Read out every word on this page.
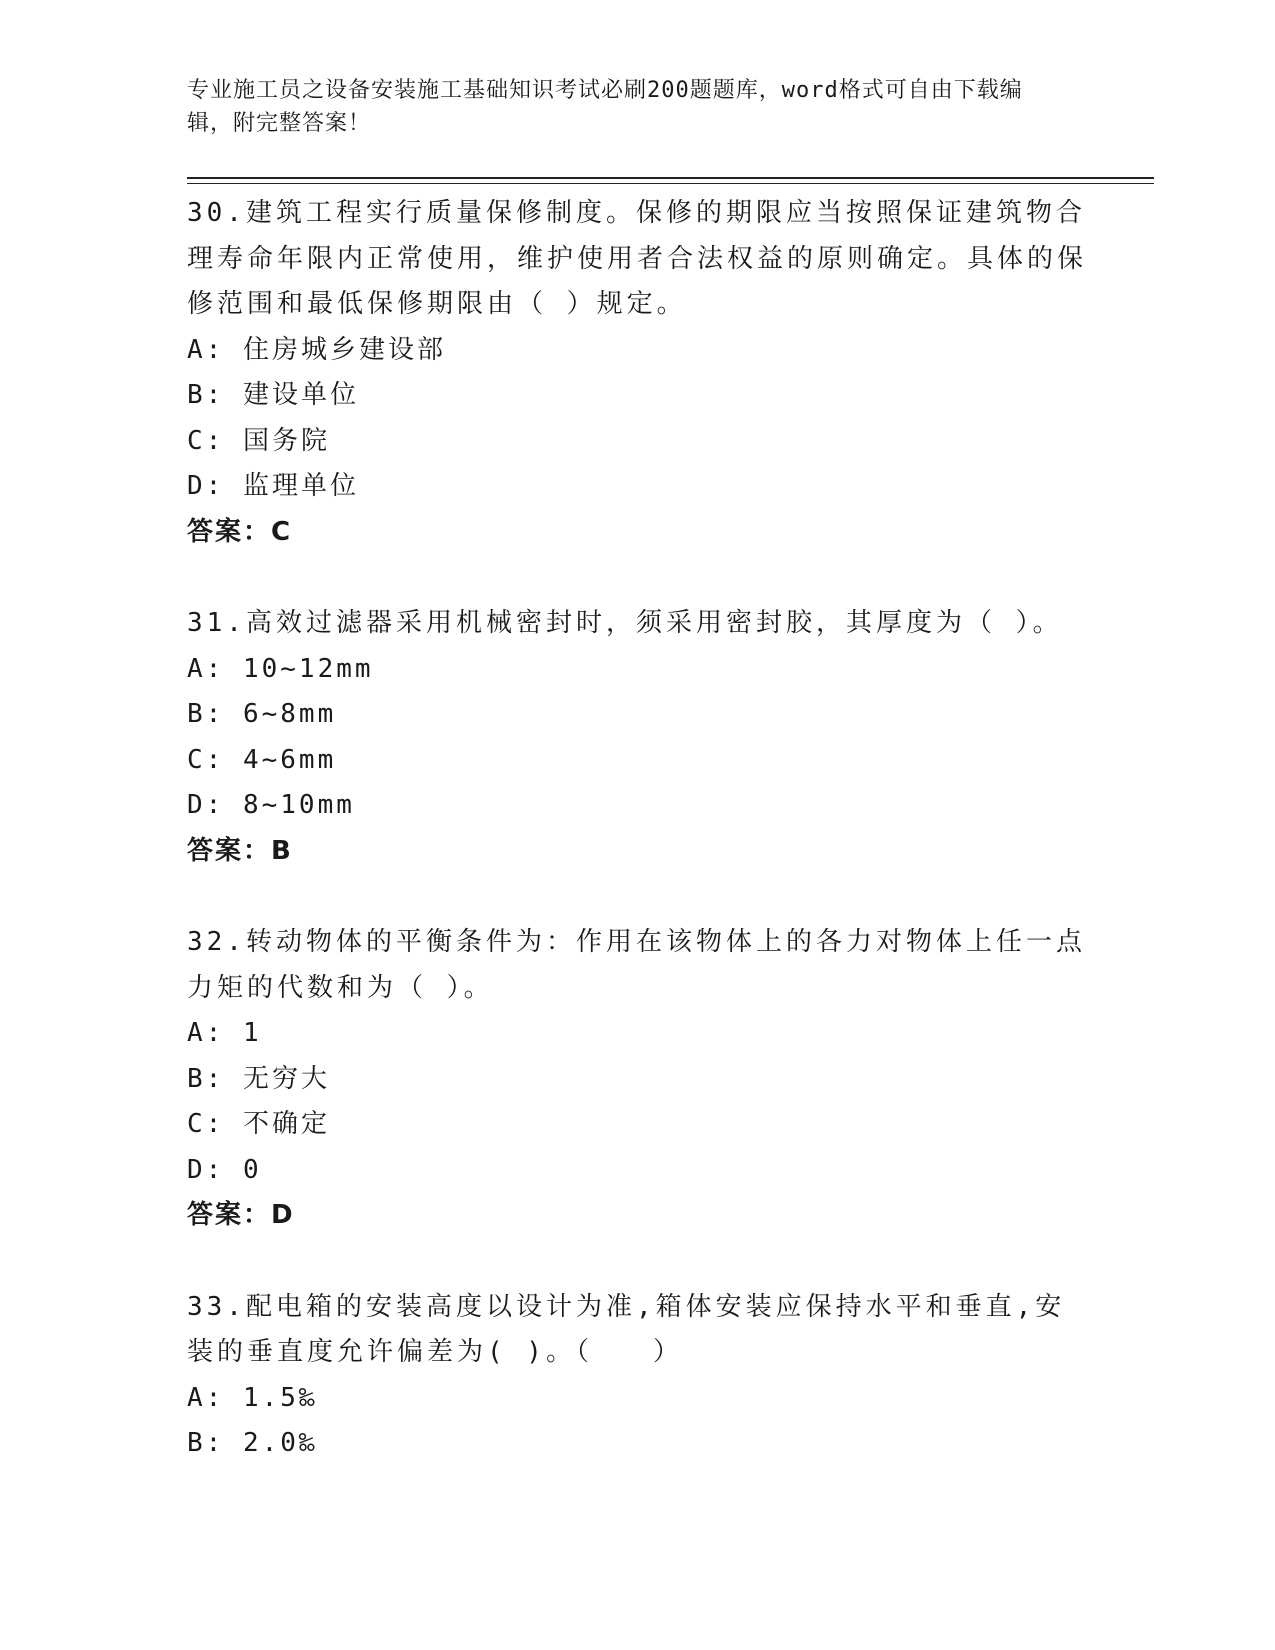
专业施工员之设备安装施工基础知识考试必刷200题题库，word格式可自由下载编辑，附完整答案！
30.建筑工程实行质量保修制度。保修的期限应当按照保证建筑物合理寿命年限内正常使用，维护使用者合法权益的原则确定。具体的保修范围和最低保修期限由（ ）规定。
A: 住房城乡建设部
B: 建设单位
C: 国务院
D: 监理单位
答案：C
31.高效过滤器采用机械密封时，须采用密封胶，其厚度为（ ）。
A: 10~12mm
B: 6~8mm
C: 4~6mm
D: 8~10mm
答案：B
32.转动物体的平衡条件为：作用在该物体上的各力对物体上任一点力矩的代数和为（ ）。
A: 1
B: 无穷大
C: 不确定
D: 0
答案：D
33.配电箱的安装高度以设计为准,箱体安装应保持水平和垂直,安装的垂直度允许偏差为( )。（　　）
A: 1.5‰
B: 2.0‰
